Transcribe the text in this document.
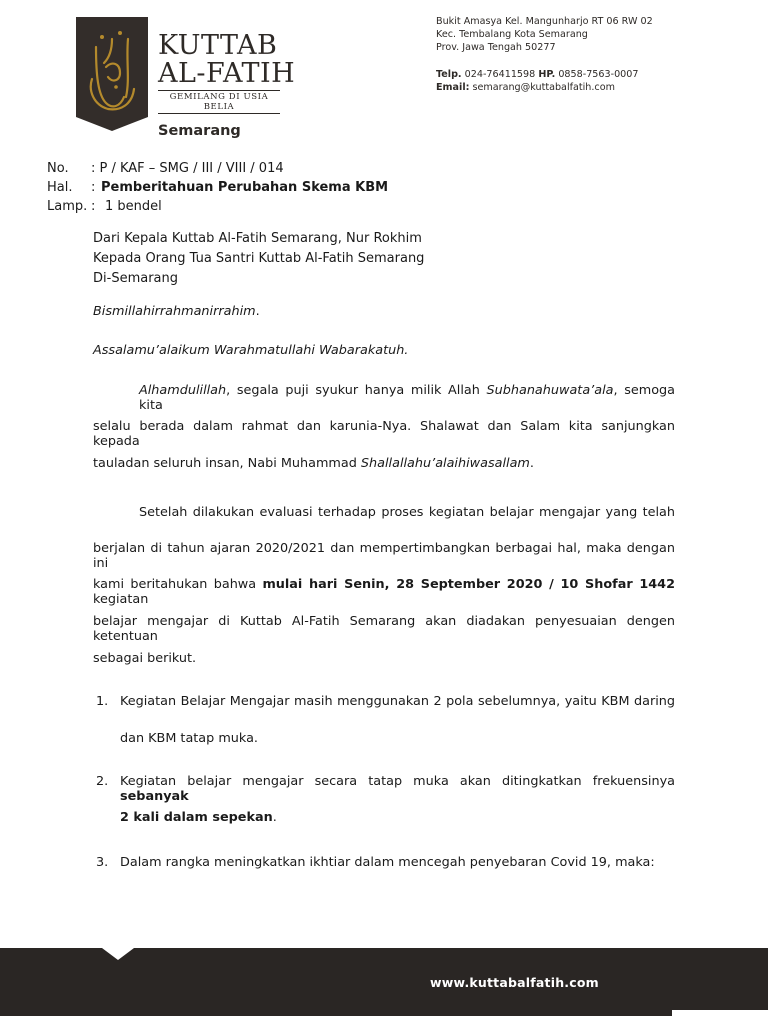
KUTTAB
AL-FATIH
GEMILANG DI USIA BELIA
Semarang
Bukit Amasya Kel. Mangunharjo RT 06 RW 02
Kec. Tembalang Kota Semarang
Prov. Jawa Tengah 50277
Telp. 024-76411598 HP. 0858-7563-0007
Email: semarang@kuttabalfatih.com
No.	: P / KAF – SMG / III / VIII / 014
Hal.	: Pemberitahuan Perubahan Skema KBM
Lamp. : 1 bendel
Dari Kepala Kuttab Al-Fatih Semarang, Nur Rokhim
Kepada Orang Tua Santri Kuttab Al-Fatih Semarang
Di-Semarang
Bismillahirrahmanirrahim.
Assalamu’alaikum Warahmatullahi Wabarakatuh.
Alhamdulillah, segala puji syukur hanya milik Allah Subhanahuwata’ala, semoga kita
selalu berada dalam rahmat dan karunia-Nya. Shalawat dan Salam kita sanjungkan kepada
tauladan seluruh insan, Nabi Muhammad Shallallahu’alaihiwasallam.
Setelah dilakukan evaluasi terhadap proses kegiatan belajar mengajar yang telah
berjalan di tahun ajaran 2020/2021 dan mempertimbangkan berbagai hal, maka dengan ini
kami beritahukan bahwa mulai hari Senin, 28 September 2020 / 10 Shofar 1442 kegiatan
belajar mengajar di Kuttab Al-Fatih Semarang akan diadakan penyesuaian dengen ketentuan
sebagai berikut.
1. Kegiatan Belajar Mengajar masih menggunakan 2 pola sebelumnya, yaitu KBM daring
dan KBM tatap muka.
2. Kegiatan belajar mengajar secara tatap muka akan ditingkatkan frekuensinya sebanyak
2 kali dalam sepekan.
3. Dalam rangka meningkatkan ikhtiar dalam mencegah penyebaran Covid 19, maka:
www.kuttabalfatih.com
